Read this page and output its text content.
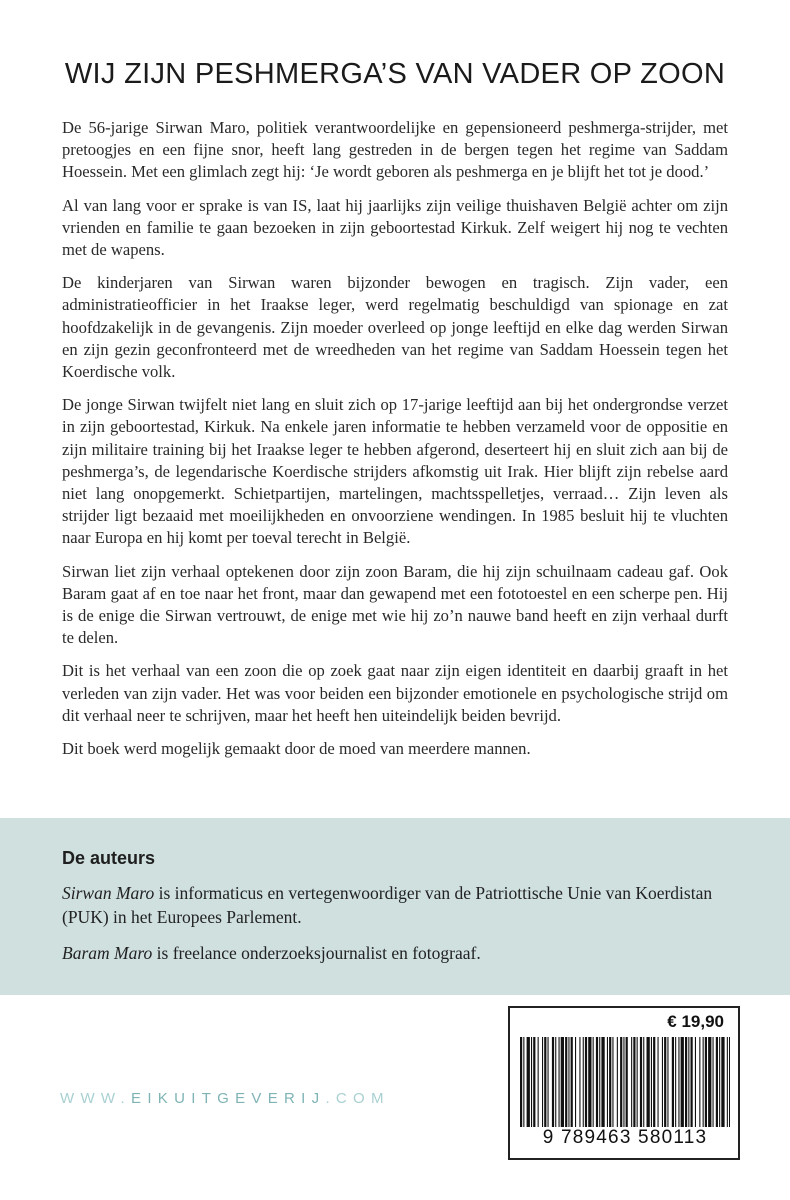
WIJ ZIJN PESHMERGA’S VAN VADER OP ZOON

De 56-jarige Sirwan Maro, politiek verantwoordelijke en gepensioneerd peshmerga-strijder, met pretoogjes en een fijne snor, heeft lang gestreden in de bergen tegen het regime van Saddam Hoessein. Met een glimlach zegt hij: ‘Je wordt geboren als peshmerga en je blijft het tot je dood.’

Al van lang voor er sprake is van IS, laat hij jaarlijks zijn veilige thuishaven België achter om zijn vrienden en familie te gaan bezoeken in zijn geboortestad Kirkuk. Zelf weigert hij nog te vechten met de wapens.

De kinderjaren van Sirwan waren bijzonder bewogen en tragisch. Zijn vader, een administratieofficier in het Iraakse leger, werd regelmatig beschuldigd van spionage en zat hoofdzakelijk in de gevangenis. Zijn moeder overleed op jonge leeftijd en elke dag werden Sirwan en zijn gezin geconfronteerd met de wreedheden van het regime van Saddam Hoessein tegen het Koerdische volk.

De jonge Sirwan twijfelt niet lang en sluit zich op 17-jarige leeftijd aan bij het ondergrondse verzet in zijn geboortestad, Kirkuk. Na enkele jaren informatie te hebben verzameld voor de oppositie en zijn militaire training bij het Iraakse leger te hebben afgerond, deserteert hij en sluit zich aan bij de peshmerga’s, de legendarische Koerdische strijders afkomstig uit Irak. Hier blijft zijn rebelse aard niet lang onopgemerkt. Schietpartijen, martelingen, machtsspelletjes, verraad… Zijn leven als strijder ligt bezaaid met moeilijkheden en onvoorziene wendingen. In 1985 besluit hij te vluchten naar Europa en hij komt per toeval terecht in België.

Sirwan liet zijn verhaal optekenen door zijn zoon Baram, die hij zijn schuilnaam cadeau gaf. Ook Baram gaat af en toe naar het front, maar dan gewapend met een fototoestel en een scherpe pen. Hij is de enige die Sirwan vertrouwt, de enige met wie hij zo’n nauwe band heeft en zijn verhaal durft te delen.

Dit is het verhaal van een zoon die op zoek gaat naar zijn eigen identiteit en daarbij graaft in het verleden van zijn vader. Het was voor beiden een bijzonder emotionele en psychologische strijd om dit verhaal neer te schrijven, maar het heeft hen uiteindelijk beiden bevrijd.

Dit boek werd mogelijk gemaakt door de moed van meerdere mannen.

De auteurs

Sirwan Maro is informaticus en vertegenwoordiger van de Patriottische Unie van Koerdistan (PUK) in het Europees Parlement.

Baram Maro is freelance onderzoeksjournalist en fotograaf.

WWW.EIKUITGEVERIJ.COM
€ 19,90
9 789463 580113
